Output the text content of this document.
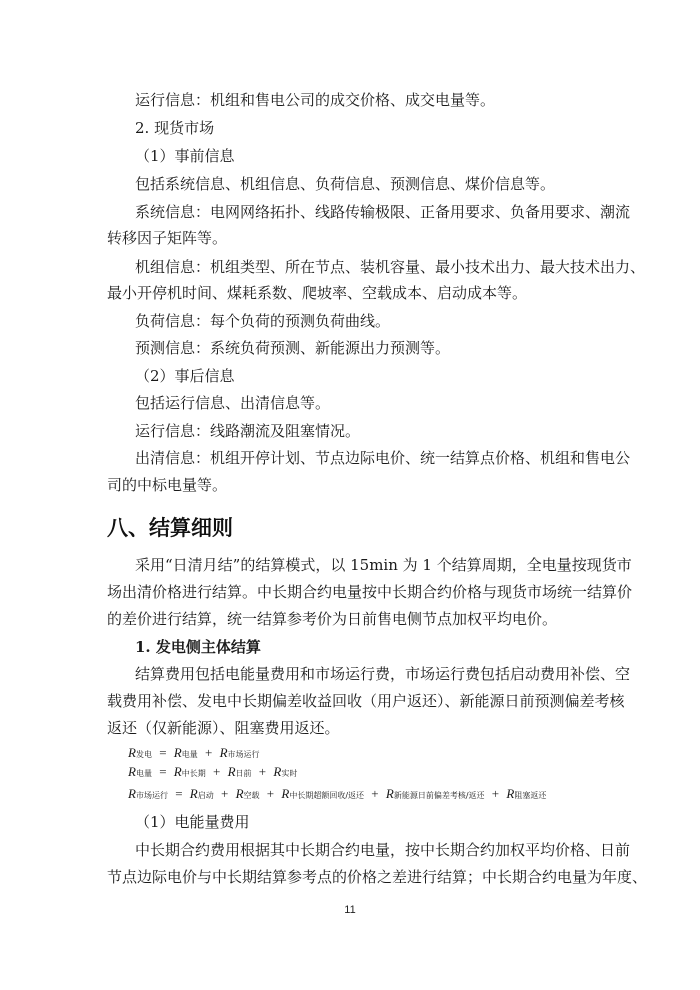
运行信息：机组和售电公司的成交价格、成交电量等。
2. 现货市场
（1）事前信息
包括系统信息、机组信息、负荷信息、预测信息、煤价信息等。
系统信息：电网网络拓扑、线路传输极限、正备用要求、负备用要求、潮流
转移因子矩阵等。
机组信息：机组类型、所在节点、装机容量、最小技术出力、最大技术出力、
最小开停机时间、煤耗系数、爬坡率、空载成本、启动成本等。
负荷信息：每个负荷的预测负荷曲线。
预测信息：系统负荷预测、新能源出力预测等。
（2）事后信息
包括运行信息、出清信息等。
运行信息：线路潮流及阻塞情况。
出清信息：机组开停计划、节点边际电价、统一结算点价格、机组和售电公
司的中标电量等。
八、结算细则
采用“日清月结”的结算模式，以 15min 为 1 个结算周期，全电量按现货市
场出清价格进行结算。中长期合约电量按中长期合约价格与现货市场统一结算价
的差价进行结算，统一结算参考价为日前售电侧节点加权平均电价。
1. 发电侧主体结算
结算费用包括电能量费用和市场运行费，市场运行费包括启动费用补偿、空
载费用补偿、发电中长期偏差收益回收（用户返还）、新能源日前预测偏差考核
返还（仅新能源）、阻塞费用返还。
R发电 = R电量 + R市场运行
R电量 = R中长期 + R日前 + R实时
R市场运行 = R启动 + R空载 + R中长期超额回收/返还 + R新能源日前偏差考核/返还 + R阻塞返还
（1）电能量费用
中长期合约费用根据其中长期合约电量，按中长期合约加权平均价格、日前
节点边际电价与中长期结算参考点的价格之差进行结算；中长期合约电量为年度、
11
